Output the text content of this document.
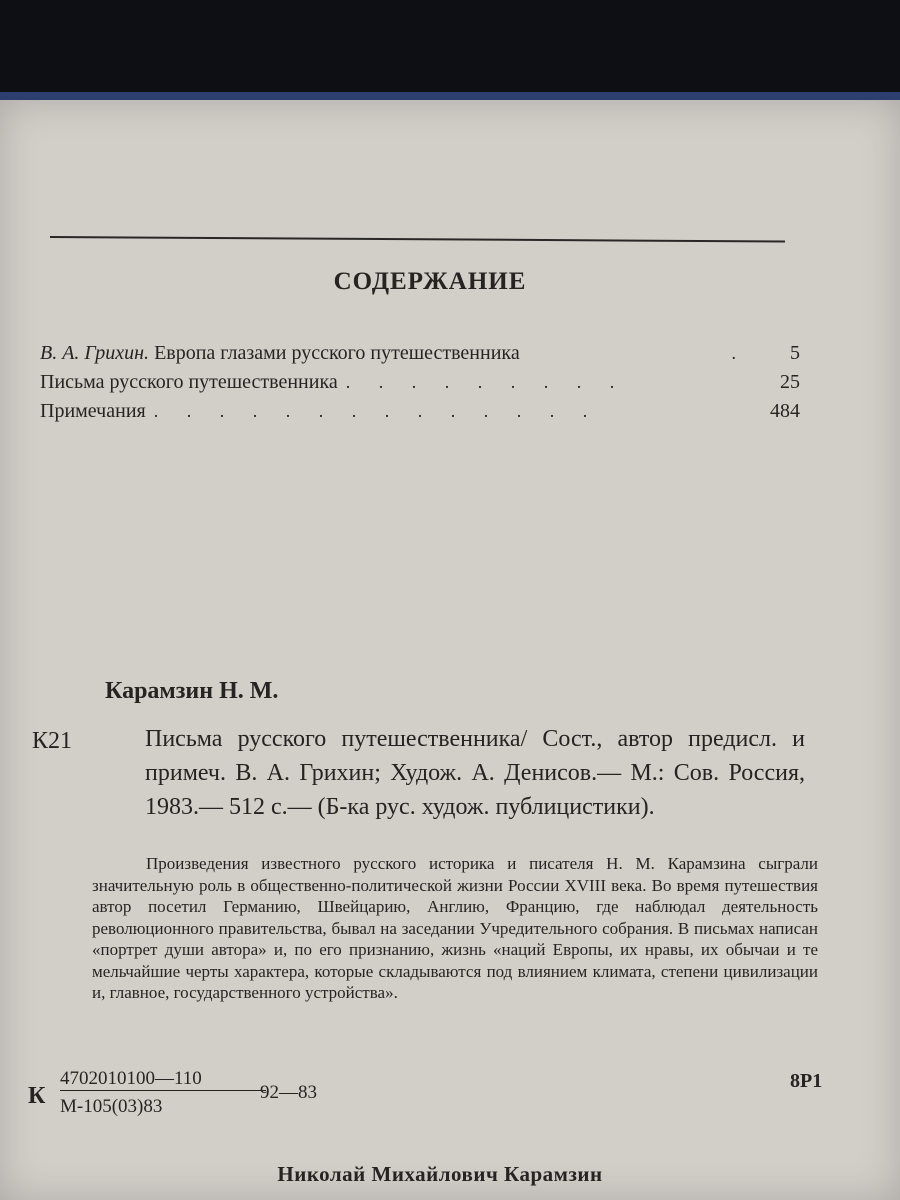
СОДЕРЖАНИЕ
В. А. Грихин. Европа глазами русского путешественника	.	5
Письма русского путешественника . . . . . . . . .	25
Примечания . . . . . . . . . . . . . .	484
Карамзин Н. М.
К21	Письма русского путешественника/ Сост., автор предисл. и примеч. В. А. Грихин; Худож. А. Денисов.— М.: Сов. Россия, 1983.— 512 с.— (Б-ка рус. худож. публицистики).
Произведения известного русского историка и писателя Н. М. Карамзина сыграли значительную роль в общественно-политической жизни России XVIII века. Во время путешествия автор посетил Германию, Швейцарию, Англию, Францию, где наблюдал деятельность революционного правительства, бывал на заседании Учредительного собрания. В письмах написан «портрет души автора» и, по его признанию, жизнь «наций Европы, их нравы, их обычаи и те мельчайшие черты характера, которые складываются под влиянием климата, степени цивилизации и, главное, государственного устройства».
К
4702010100—110
92—83
М-105(03)83
8Р1
Николай Михайлович Карамзин
